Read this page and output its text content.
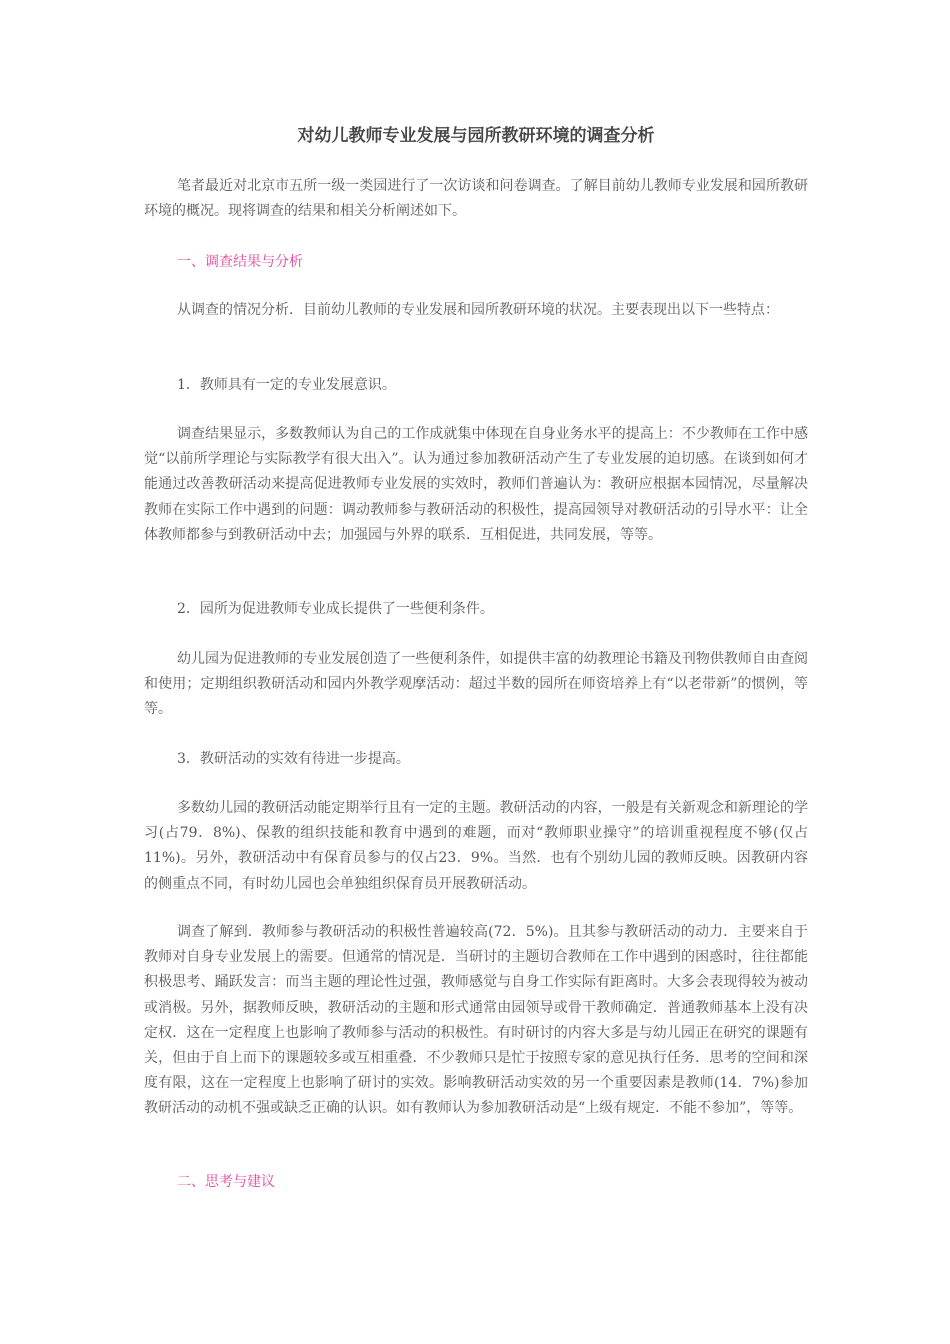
对幼儿教师专业发展与园所教研环境的调查分析

笔者最近对北京市五所一级一类园进行了一次访谈和问卷调查。了解目前幼儿教师专业发展和园所教研环境的概况。现将调查的结果和相关分析阐述如下。

一、调查结果与分析

从调查的情况分析．目前幼儿教师的专业发展和园所教研环境的状况。主要表现出以下一些特点：

1．教师具有一定的专业发展意识。

调查结果显示，多数教师认为自己的工作成就集中体现在自身业务水平的提高上：不少教师在工作中感觉“以前所学理论与实际教学有很大出入”。认为通过参加教研活动产生了专业发展的迫切感。在谈到如何才能通过改善教研活动来提高促进教师专业发展的实效时，教师们普遍认为：教研应根据本园情况，尽量解决教师在实际工作中遇到的问题：调动教师参与教研活动的积极性，提高园领导对教研活动的引导水平：让全体教师都参与到教研活动中去；加强园与外界的联系．互相促进，共同发展，等等。

2．园所为促进教师专业成长提供了一些便利条件。

幼儿园为促进教师的专业发展创造了一些便利条件，如提供丰富的幼教理论书籍及刊物供教师自由查阅和使用；定期组织教研活动和园内外教学观摩活动：超过半数的园所在师资培养上有“以老带新”的惯例，等等。

3．教研活动的实效有待进一步提高。

多数幼儿园的教研活动能定期举行且有一定的主题。教研活动的内容，一般是有关新观念和新理论的学习(占79．8%)、保教的组织技能和教育中遇到的难题，而对“教师职业操守”的培训重视程度不够(仅占11%)。另外，教研活动中有保育员参与的仅占23．9%。当然．也有个别幼儿园的教师反映。因教研内容的侧重点不同，有时幼儿园也会单独组织保育员开展教研活动。

调查了解到．教师参与教研活动的积极性普遍较高(72．5%)。且其参与教研活动的动力．主要来自于教师对自身专业发展上的需要。但通常的情况是．当研讨的主题切合教师在工作中遇到的困惑时，往往都能积极思考、踊跃发言：而当主题的理论性过强，教师感觉与自身工作实际有距离时。大多会表现得较为被动或消极。另外，据教师反映，教研活动的主题和形式通常由园领导或骨干教师确定．普通教师基本上没有决定权．这在一定程度上也影响了教师参与活动的积极性。有时研讨的内容大多是与幼儿园正在研究的课题有关，但由于自上而下的课题较多或互相重叠．不少教师只是忙于按照专家的意见执行任务．思考的空间和深度有限，这在一定程度上也影响了研讨的实效。影响教研活动实效的另一个重要因素是教师(14．7%)参加教研活动的动机不强或缺乏正确的认识。如有教师认为参加教研活动是“上级有规定．不能不参加”，等等。

二、思考与建议
